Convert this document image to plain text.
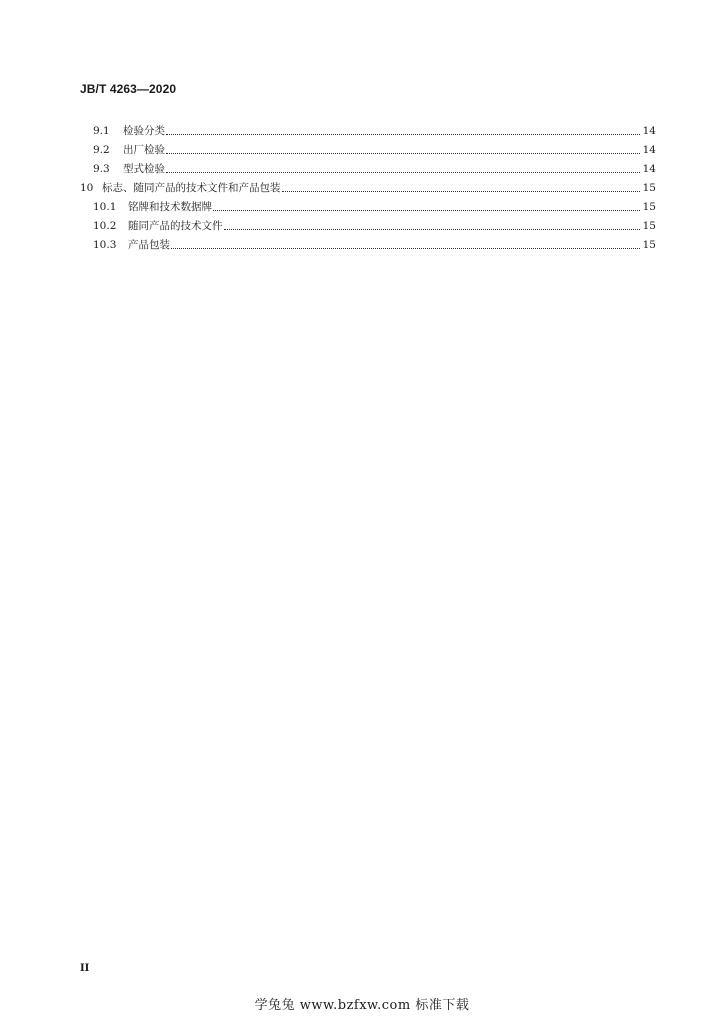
JB/T 4263—2020
9.1	检验分类	14
9.2	出厂检验	14
9.3	型式检验	14
10 标志、随同产品的技术文件和产品包装	15
10.1	铭牌和技术数据牌	15
10.2	随同产品的技术文件	15
10.3	产品包装	15
II
学兔兔 www.bzfxw.com 标准下载
